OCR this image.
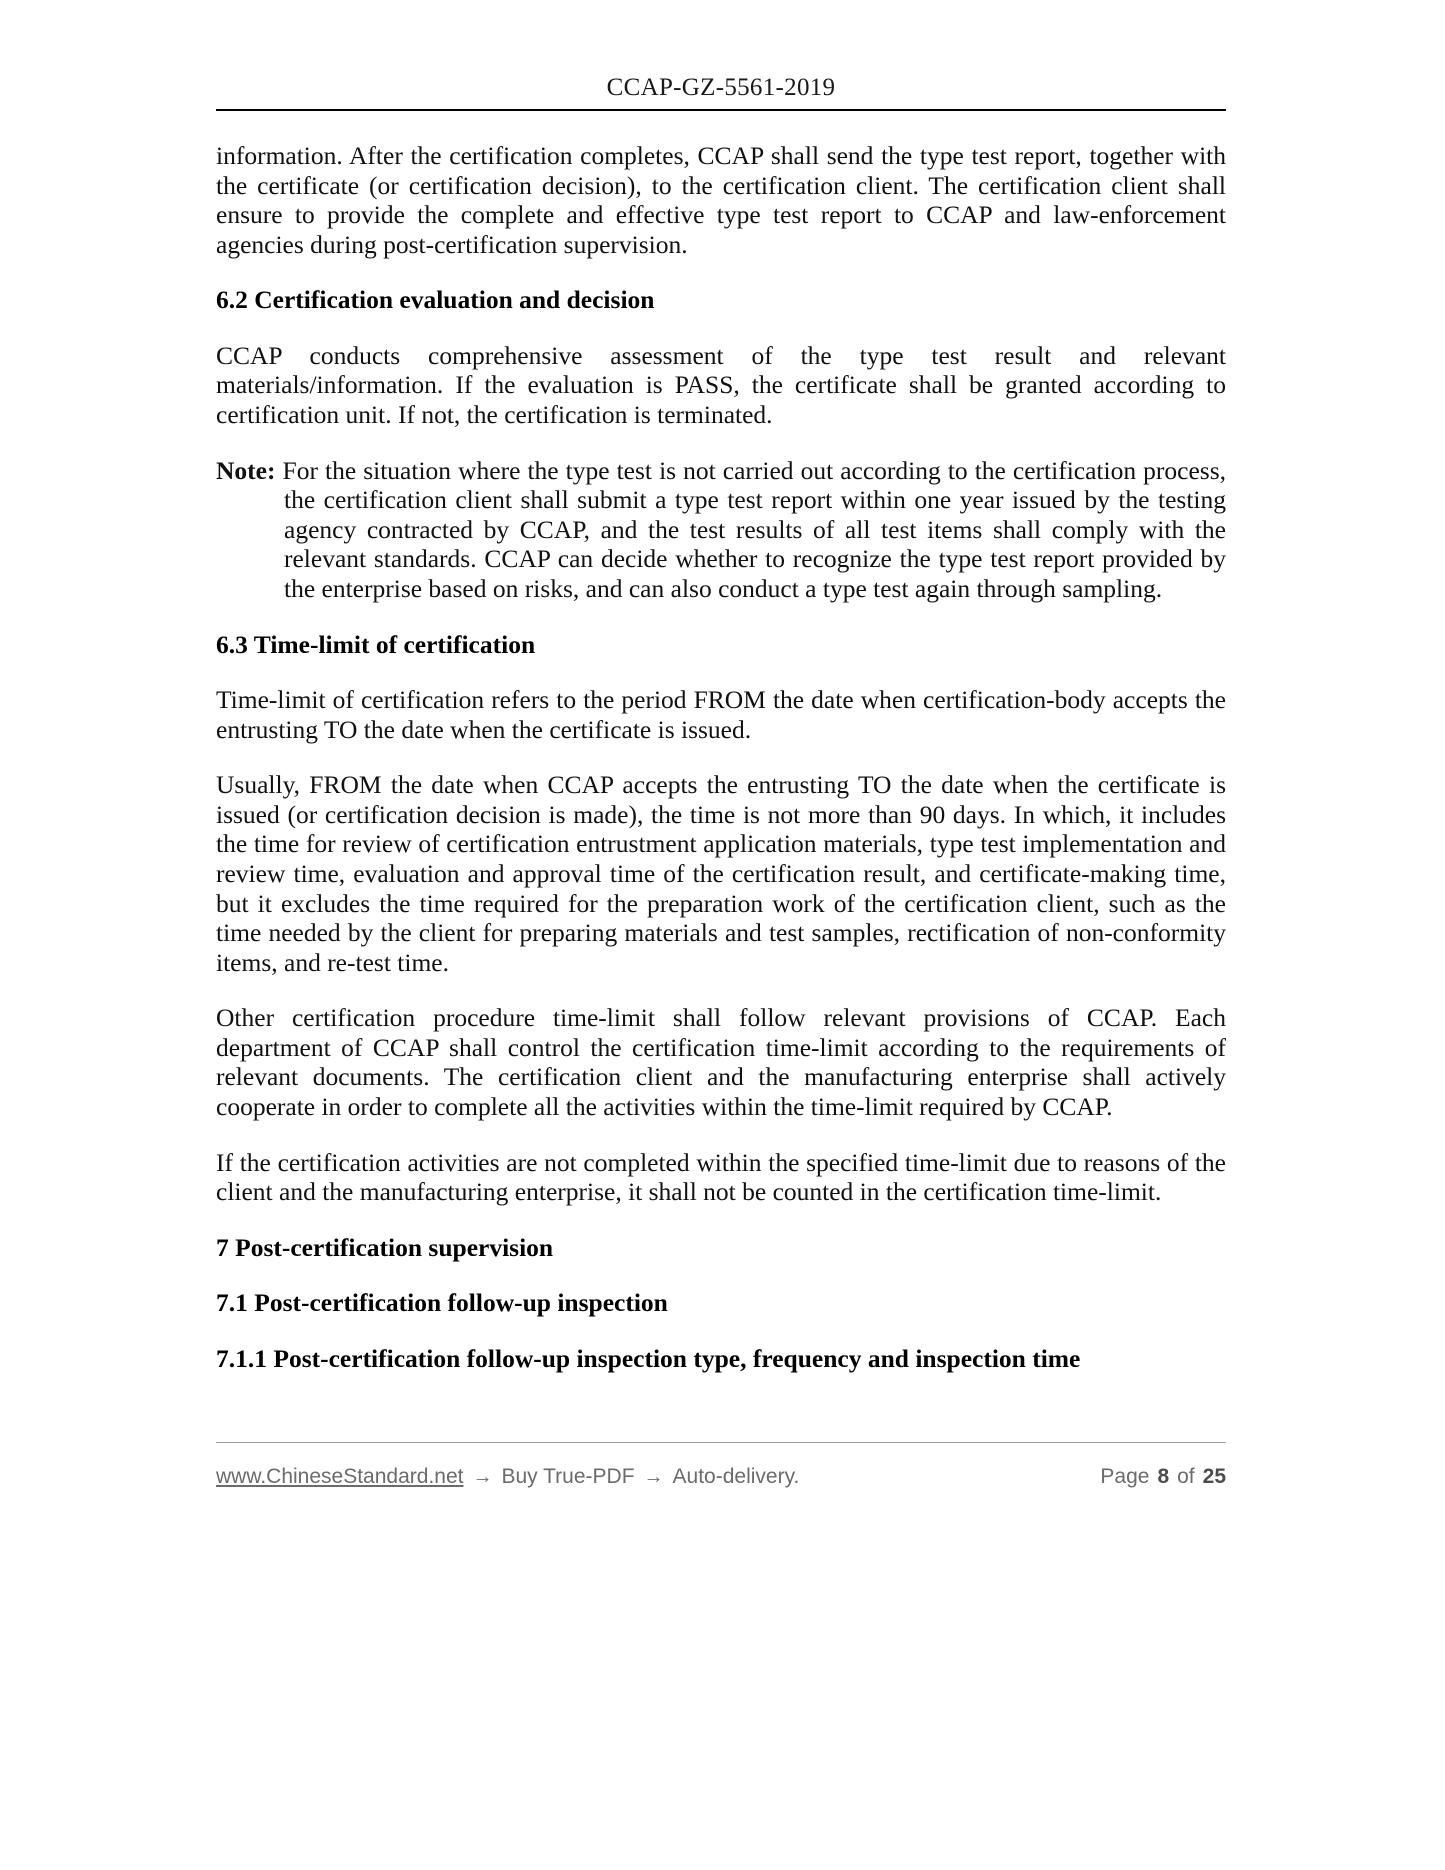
CCAP-GZ-5561-2019

information. After the certification completes, CCAP shall send the type test report, together with the certificate (or certification decision), to the certification client. The certification client shall ensure to provide the complete and effective type test report to CCAP and law-enforcement agencies during post-certification supervision.

6.2 Certification evaluation and decision

CCAP conducts comprehensive assessment of the type test result and relevant materials/information. If the evaluation is PASS, the certificate shall be granted according to certification unit. If not, the certification is terminated.

Note: For the situation where the type test is not carried out according to the certification process, the certification client shall submit a type test report within one year issued by the testing agency contracted by CCAP, and the test results of all test items shall comply with the relevant standards. CCAP can decide whether to recognize the type test report provided by the enterprise based on risks, and can also conduct a type test again through sampling.

6.3 Time-limit of certification

Time-limit of certification refers to the period FROM the date when certification-body accepts the entrusting TO the date when the certificate is issued.

Usually, FROM the date when CCAP accepts the entrusting TO the date when the certificate is issued (or certification decision is made), the time is not more than 90 days. In which, it includes the time for review of certification entrustment application materials, type test implementation and review time, evaluation and approval time of the certification result, and certificate-making time, but it excludes the time required for the preparation work of the certification client, such as the time needed by the client for preparing materials and test samples, rectification of non-conformity items, and re-test time.

Other certification procedure time-limit shall follow relevant provisions of CCAP. Each department of CCAP shall control the certification time-limit according to the requirements of relevant documents. The certification client and the manufacturing enterprise shall actively cooperate in order to complete all the activities within the time-limit required by CCAP.

If the certification activities are not completed within the specified time-limit due to reasons of the client and the manufacturing enterprise, it shall not be counted in the certification time-limit.

7 Post-certification supervision

7.1 Post-certification follow-up inspection

7.1.1 Post-certification follow-up inspection type, frequency and inspection time

www.ChineseStandard.net → Buy True-PDF → Auto-delivery.	Page 8 of 25
